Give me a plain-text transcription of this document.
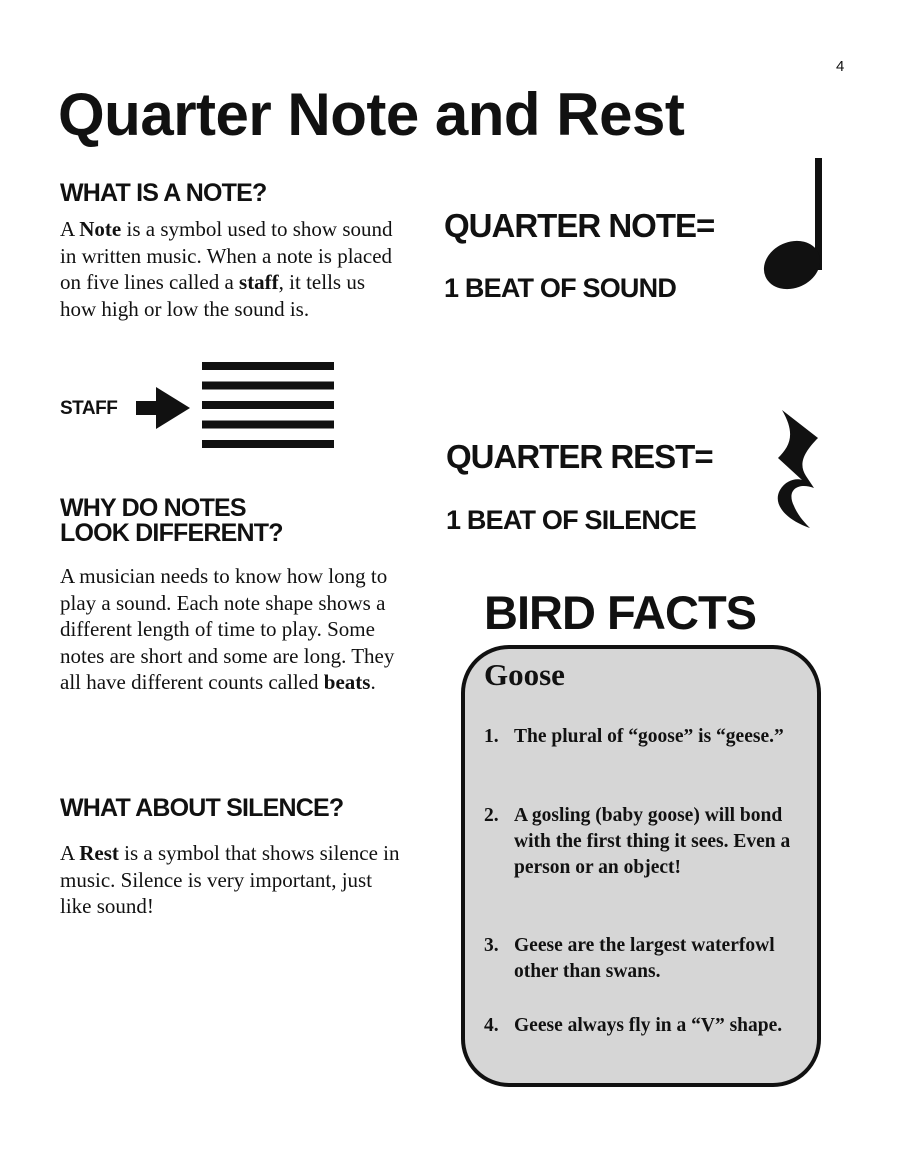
4
Quarter Note and Rest
WHAT IS A NOTE?
A Note is a symbol used to show sound in written music. When a note is placed on five lines called a staff, it tells us how high or low the sound is.
STAFF
WHY DO NOTES
LOOK DIFFERENT?
A musician needs to know how long to play a sound. Each note shape shows a different length of time to play. Some notes are short and some are long. They all have different counts called beats.
WHAT ABOUT SILENCE?
A Rest is a symbol that shows silence in music. Silence is very important, just like sound!
QUARTER NOTE=
1 BEAT OF SOUND
QUARTER REST=
1 BEAT OF SILENCE
BIRD FACTS
Goose
1. The plural of “goose” is “geese.”
2. A gosling (baby goose) will bond with the first thing it sees. Even a person or an object!
3. Geese are the largest waterfowl other than swans.
4. Geese always fly in a “V” shape.
